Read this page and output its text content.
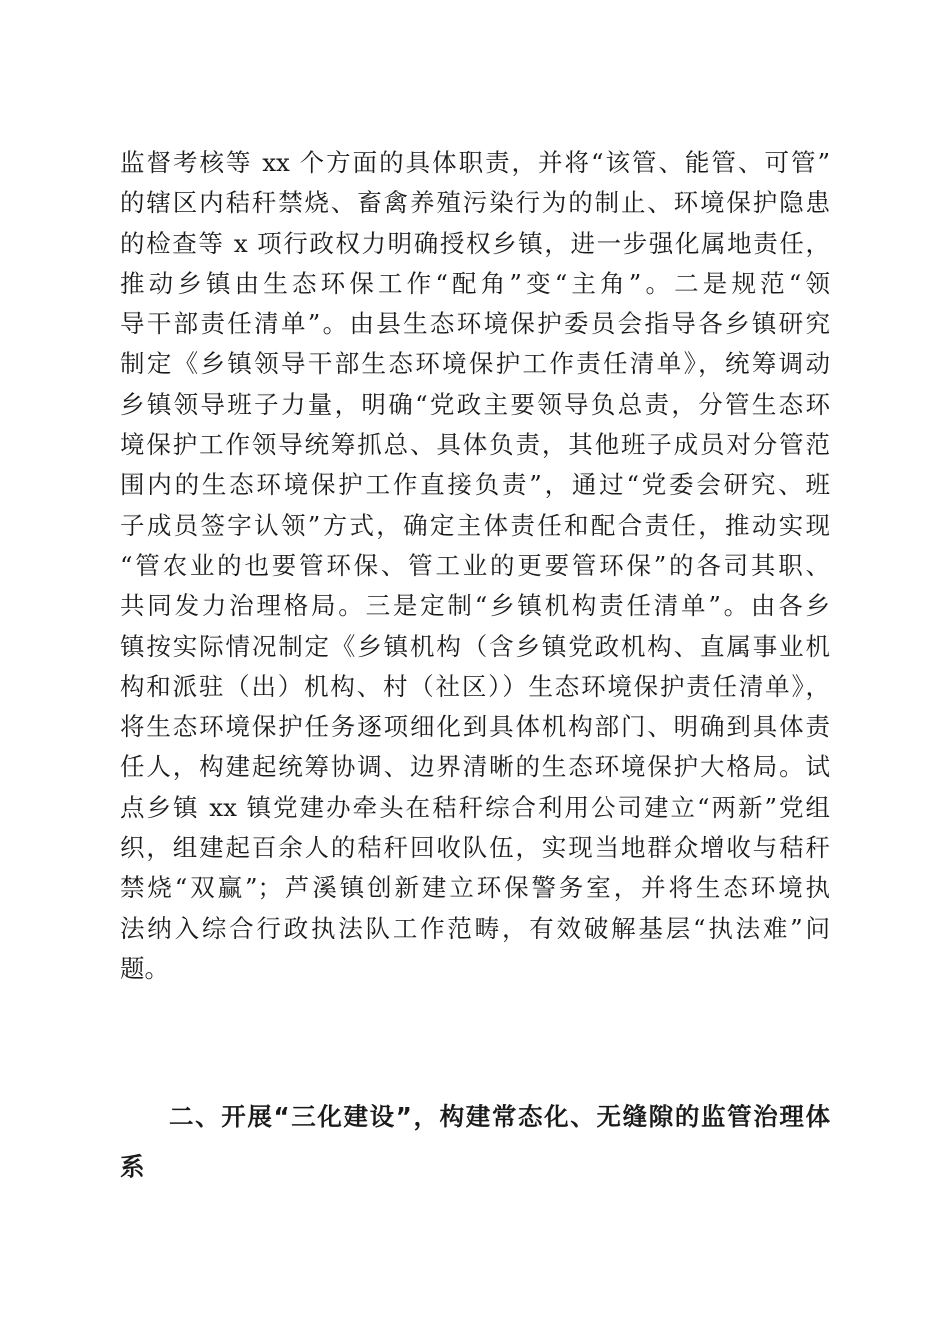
监督考核等 xx 个方面的具体职责，并将“该管、能管、可管”
的辖区内秸秆禁烧、畜禽养殖污染行为的制止、环境保护隐患
的检查等 x 项行政权力明确授权乡镇，进一步强化属地责任，
推动乡镇由生态环保工作“配角”变“主角”。二是规范“领
导干部责任清单”。由县生态环境保护委员会指导各乡镇研究
制定《乡镇领导干部生态环境保护工作责任清单》，统筹调动
乡镇领导班子力量，明确“党政主要领导负总责，分管生态环
境保护工作领导统筹抓总、具体负责，其他班子成员对分管范
围内的生态环境保护工作直接负责”，通过“党委会研究、班
子成员签字认领”方式，确定主体责任和配合责任，推动实现
“管农业的也要管环保、管工业的更要管环保”的各司其职、
共同发力治理格局。三是定制“乡镇机构责任清单”。由各乡
镇按实际情况制定《乡镇机构（含乡镇党政机构、直属事业机
构和派驻（出）机构、村（社区））生态环境保护责任清单》，
将生态环境保护任务逐项细化到具体机构部门、明确到具体责
任人，构建起统筹协调、边界清晰的生态环境保护大格局。试
点乡镇 xx 镇党建办牵头在秸秆综合利用公司建立“两新”党组
织，组建起百余人的秸秆回收队伍，实现当地群众增收与秸秆
禁烧“双赢”；芦溪镇创新建立环保警务室，并将生态环境执
法纳入综合行政执法队工作范畴，有效破解基层“执法难”问
题。
二、开展“三化建设”，构建常态化、无缝隙的监管治理体
系
